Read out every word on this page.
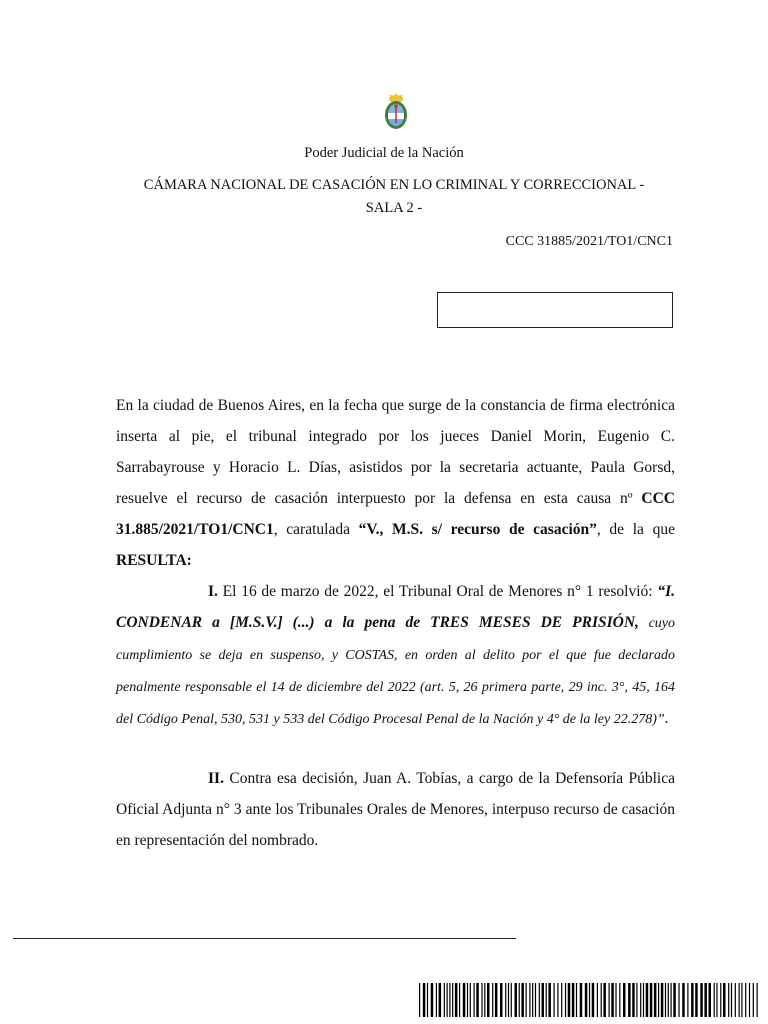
Poder Judicial de la Nación
CÁMARA NACIONAL DE CASACIÓN EN LO CRIMINAL Y CORRECCIONAL -
SALA 2 -
CCC 31885/2021/TO1/CNC1
En la ciudad de Buenos Aires, en la fecha que surge de la constancia de firma electrónica inserta al pie, el tribunal integrado por los jueces Daniel Morin, Eugenio C. Sarrabayrouse y Horacio L. Días, asistidos por la secretaria actuante, Paula Gorsd, resuelve el recurso de casación interpuesto por la defensa en esta causa nº CCC 31.885/2021/TO1/CNC1, caratulada “V., M.S. s/ recurso de casación”, de la que RESULTA:
I. El 16 de marzo de 2022, el Tribunal Oral de Menores n° 1 resolvió: “I. CONDENAR a [M.S.V.] (...) a la pena de TRES MESES DE PRISIÓN, cuyo cumplimiento se deja en suspenso, y COSTAS, en orden al delito por el que fue declarado penalmente responsable el 14 de diciembre del 2022 (art. 5, 26 primera parte, 29 inc. 3°, 45, 164 del Código Penal, 530, 531 y 533 del Código Procesal Penal de la Nación y 4° de la ley 22.278)”.
II. Contra esa decisión, Juan A. Tobías, a cargo de la Defensoría Pública Oficial Adjunta n° 3 ante los Tribunales Orales de Menores, interpuso recurso de casación en representación del nombrado.
